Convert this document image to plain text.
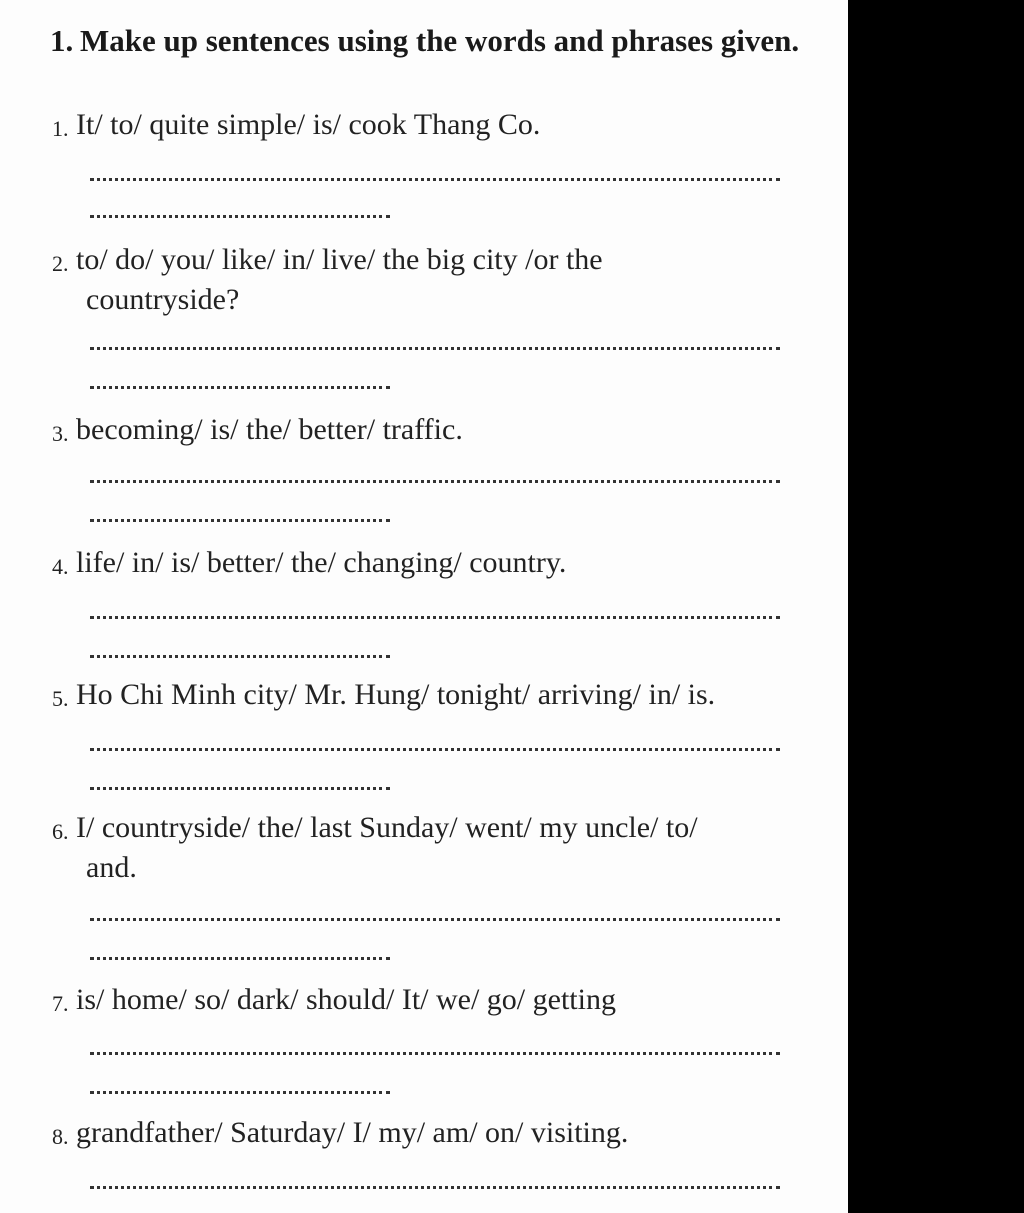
1. Make up sentences using the words and phrases given.
1. It/ to/ quite simple/ is/ cook Thang Co.
2. to/ do/ you/ like/ in/ live/ the big city /or the
countryside?
3. becoming/ is/ the/ better/ traffic.
4. life/ in/ is/ better/ the/ changing/ country.
5. Ho Chi Minh city/ Mr. Hung/ tonight/ arriving/ in/ is.
6. I/ countryside/ the/ last Sunday/ went/ my uncle/ to/
and.
7. is/ home/ so/ dark/ should/ It/ we/ go/ getting
8. grandfather/ Saturday/ I/ my/ am/ on/ visiting.
